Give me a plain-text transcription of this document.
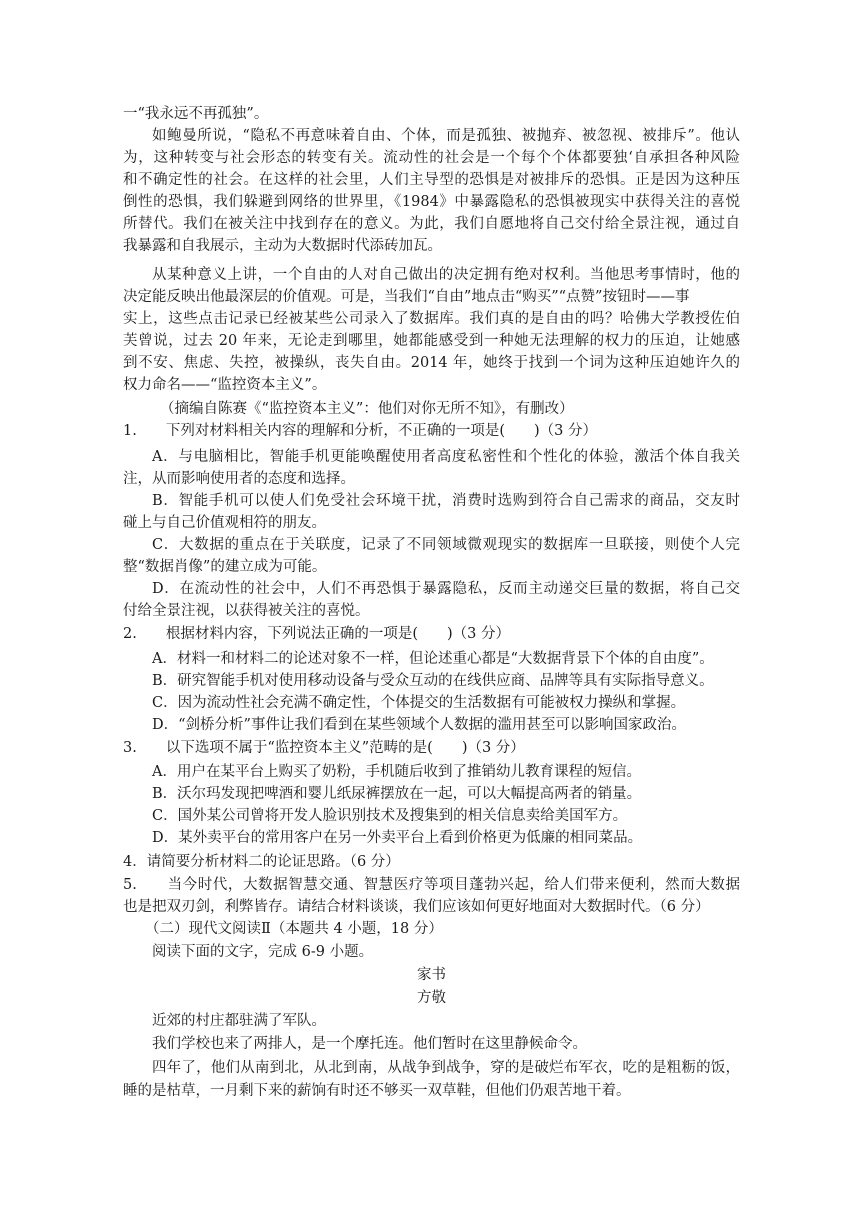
一“我永远不再孤独”。
如鲍曼所说，“隐私不再意味着自由、个体，而是孤独、被抛弃、被忽视、被排斥”。他认
为，这种转变与社会形态的转变有关。流动性的社会是一个每个个体都要独‘自承担各种风险
和不确定性的社会。在这样的社会里，人们主导型的恐惧是对被排斥的恐惧。正是因为这种压
倒性的恐惧，我们躲避到网络的世界里，《1984》中暴露隐私的恐惧被现实中获得关注的喜悦
所替代。我们在被关注中找到存在的意义。为此，我们自愿地将自己交付给全景注视，通过自
我暴露和自我展示，主动为大数据时代添砖加瓦。
从某种意义上讲，一个自由的人对自己做出的决定拥有绝对权利。当他思考事情时，他的
决定能反映出他最深层的价值观。可是，当我们“自由”地点击“购买”“点赞”按钮时——事
实上，这些点击记录已经被某些公司录入了数据库。我们真的是自由的吗？哈佛大学教授佐伯
芙曾说，过去 20 年来，无论走到哪里，她都能感受到一种她无法理解的权力的压迫，让她感
到不安、焦虑、失控，被操纵，丧失自由。2014 年，她终于找到一个词为这种压迫她许久的
权力命名——“监控资本主义”。
（摘编自陈赛《“监控资本主义”：他们对你无所不知》，有删改）
1.　　下列对材料相关内容的理解和分析，不正确的一项是(　　)（3 分）
A．与电脑相比，智能手机更能唤醒使用者高度私密性和个性化的体验，激活个体自我关
注，从而影响使用者的态度和选择。
B．智能手机可以使人们免受社会环境干扰，消费时选购到符合自己需求的商品，交友时
碰上与自己价值观相符的朋友。
C．大数据的重点在于关联度，记录了不同领域微观现实的数据库一旦联接，则使个人完
整“数据肖像”的建立成为可能。
D．在流动性的社会中，人们不再恐惧于暴露隐私，反而主动递交巨量的数据，将自己交
付给全景注视，以获得被关注的喜悦。
2.　　根据材料内容，下列说法正确的一项是(　　)（3 分）
A．材料一和材料二的论述对象不一样，但论述重心都是“大数据背景下个体的自由度”。
B．研究智能手机对使用移动设备与受众互动的在线供应商、品牌等具有实际指导意义。
C．因为流动性社会充满不确定性，个体提交的生活数据有可能被权力操纵和掌握。
D．“剑桥分析”事件让我们看到在某些领域个人数据的滥用甚至可以影响国家政治。
3.　　以下选项不属于“监控资本主义”范畴的是(　　)（3 分）
A．用户在某平台上购买了奶粉，手机随后收到了推销幼儿教育课程的短信。
B．沃尔玛发现把啤酒和婴儿纸尿裤摆放在一起，可以大幅提高两者的销量。
C．国外某公司曾将开发人脸识别技术及搜集到的相关信息卖给美国军方。
D．某外卖平台的常用客户在另一外卖平台上看到价格更为低廉的相同菜品。
4．请简要分析材料二的论证思路。（6 分）
5.　　当今时代，大数据智慧交通、智慧医疗等项目蓬勃兴起，给人们带来便利，然而大数据
也是把双刃剑，利弊皆存。请结合材料谈谈，我们应该如何更好地面对大数据时代。（6 分）
（二）现代文阅读Ⅱ（本题共 4 小题，18 分）
阅读下面的文字，完成 6-9 小题。
家书
方敬
近郊的村庄都驻满了军队。
我们学校也来了两排人，是一个摩托连。他们暂时在这里静候命令。
四年了，他们从南到北，从北到南，从战争到战争，穿的是破烂布军衣，吃的是粗粝的饭，
睡的是枯草，一月剩下来的薪饷有时还不够买一双草鞋，但他们仍艰苦地干着。
